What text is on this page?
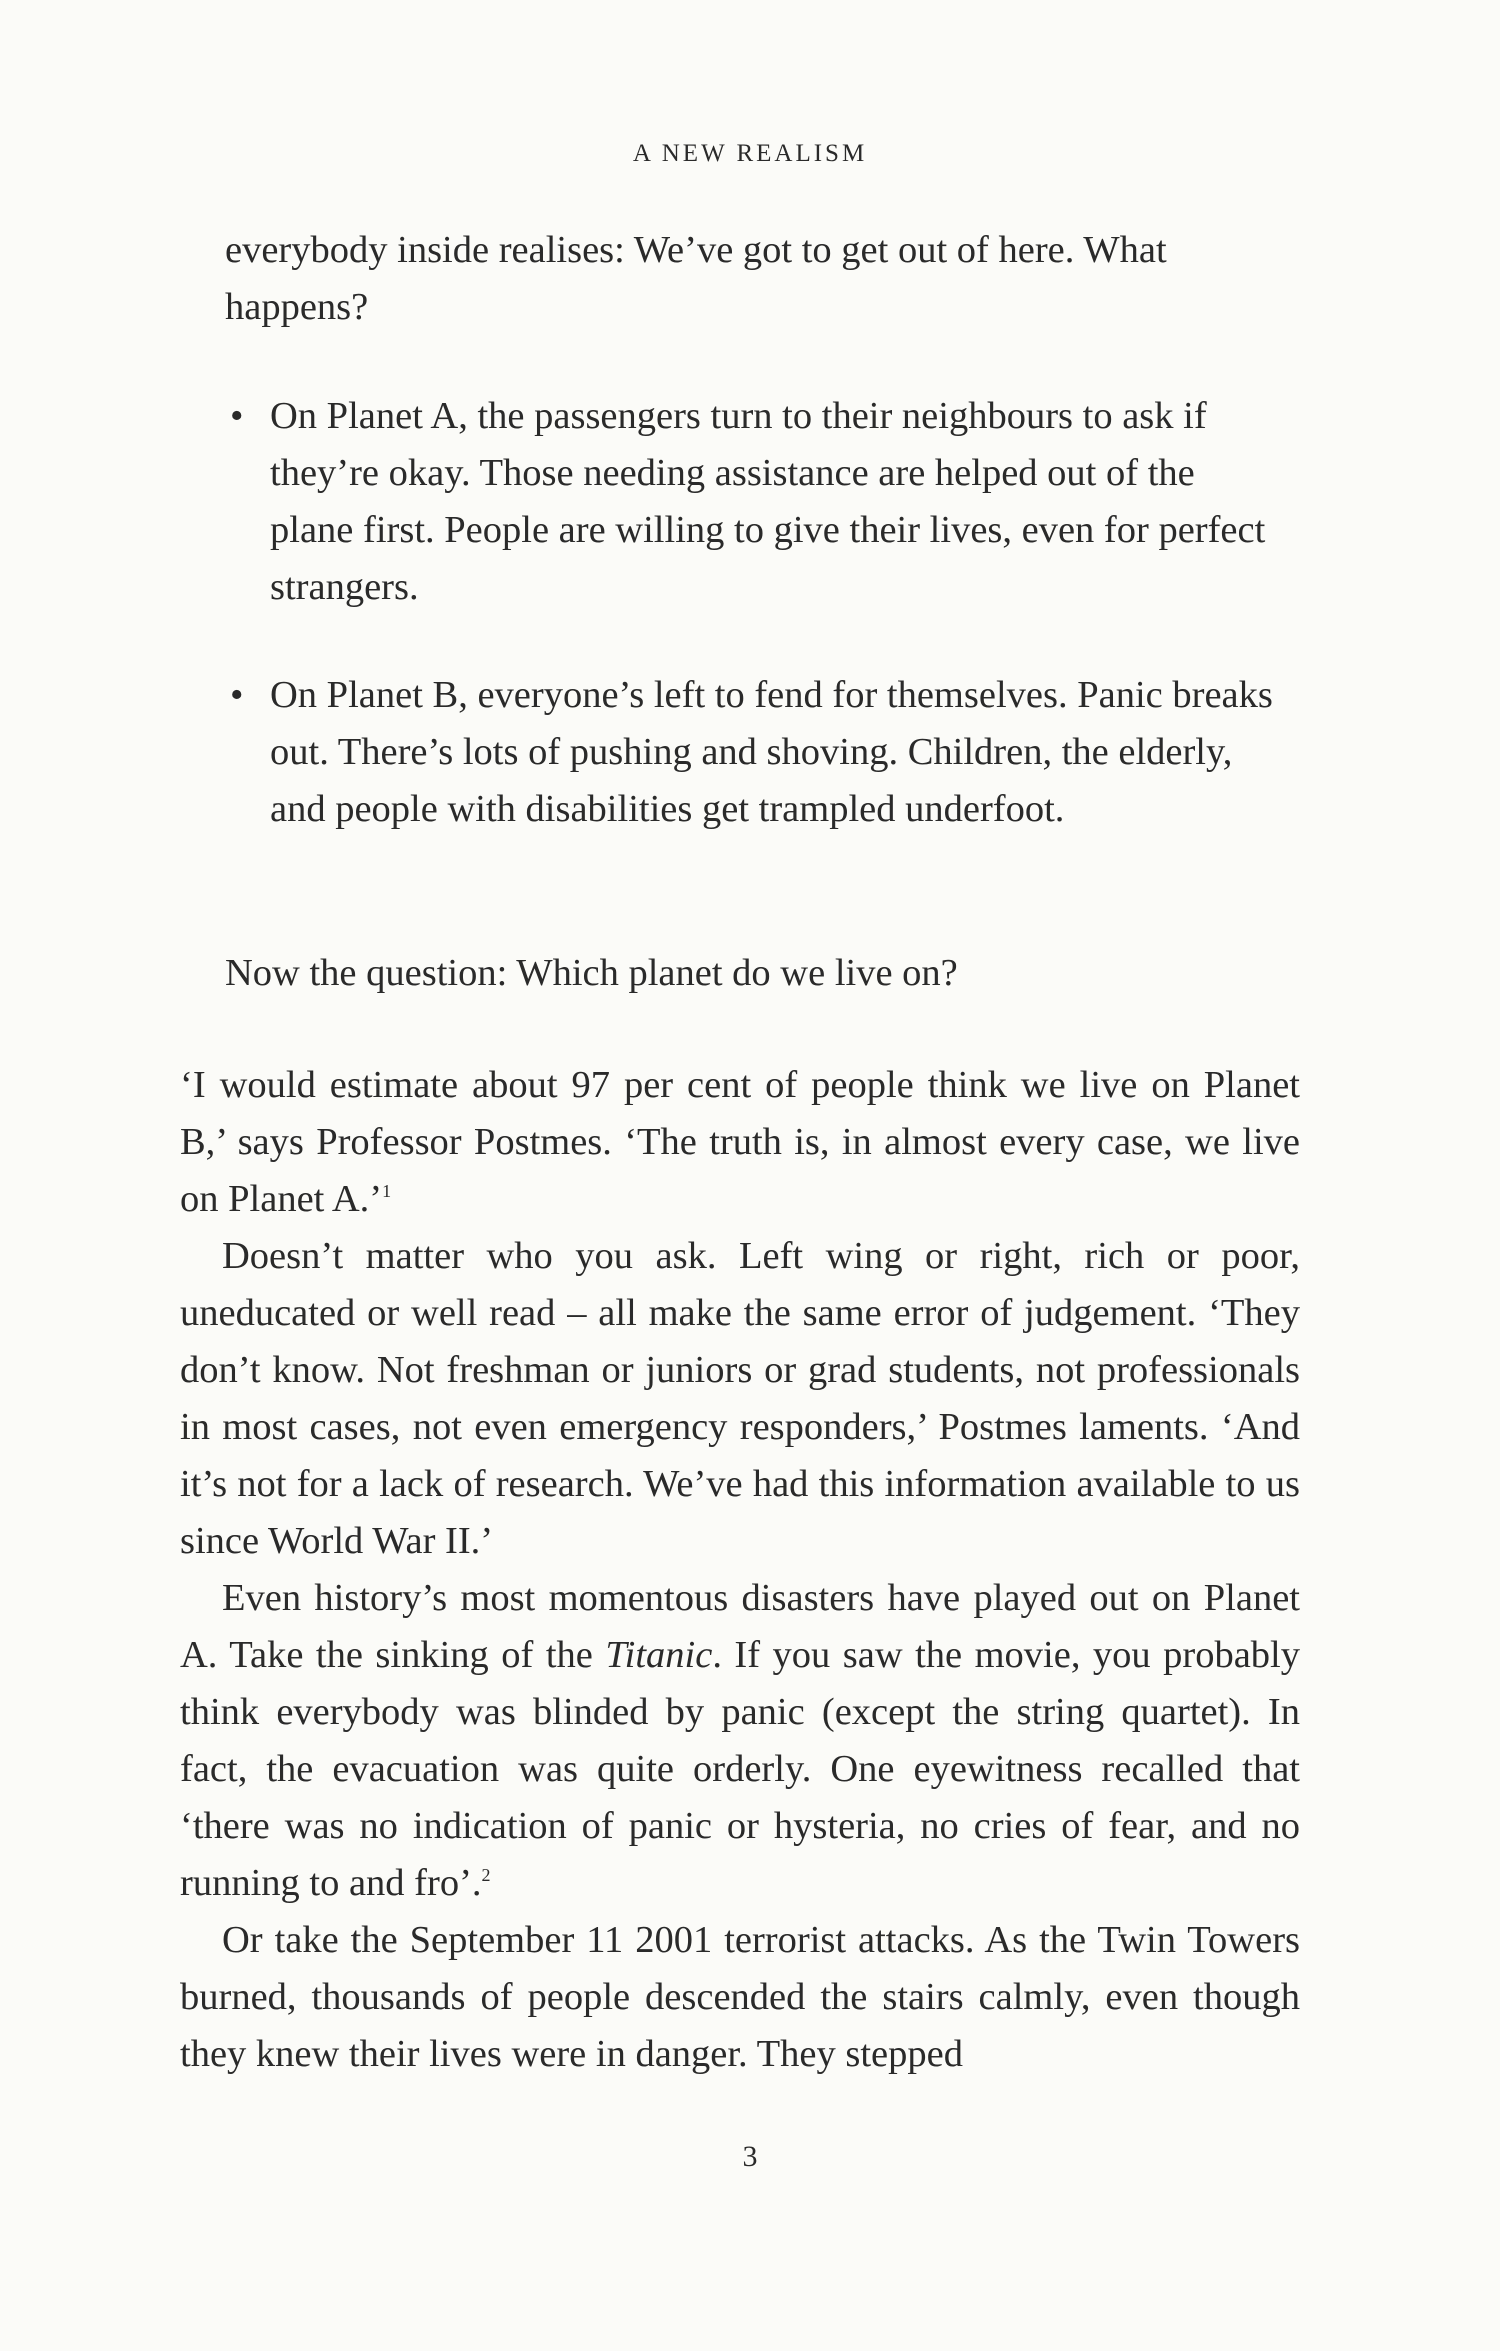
A NEW REALISM
everybody inside realises: We’ve got to get out of here. What happens?
• On Planet A, the passengers turn to their neighbours to ask if they’re okay. Those needing assistance are helped out of the plane first. People are willing to give their lives, even for perfect strangers.
• On Planet B, everyone’s left to fend for themselves. Panic breaks out. There’s lots of pushing and shoving. Children, the elderly, and people with disabilities get trampled underfoot.
Now the question: Which planet do we live on?

‘I would estimate about 97 per cent of people think we live on Planet B,’ says Professor Postmes. ‘The truth is, in almost every case, we live on Planet A.’$^1$

Doesn’t matter who you ask. Left wing or right, rich or poor, uneducated or well read – all make the same error of judgement. ‘They don’t know. Not freshman or juniors or grad students, not professionals in most cases, not even emergency responders,’ Postmes laments. ‘And it’s not for a lack of research. We’ve had this information available to us since World War II.’

Even history’s most momentous disasters have played out on Planet A. Take the sinking of the Titanic. If you saw the movie, you probably think everybody was blinded by panic (except the string quartet). In fact, the evacuation was quite orderly. One eyewitness recalled that ‘there was no indication of panic or hysteria, no cries of fear, and no running to and fro’.$^2$

Or take the September 11 2001 terrorist attacks. As the Twin Towers burned, thousands of people descended the stairs calmly, even though they knew their lives were in danger. They stepped

3
